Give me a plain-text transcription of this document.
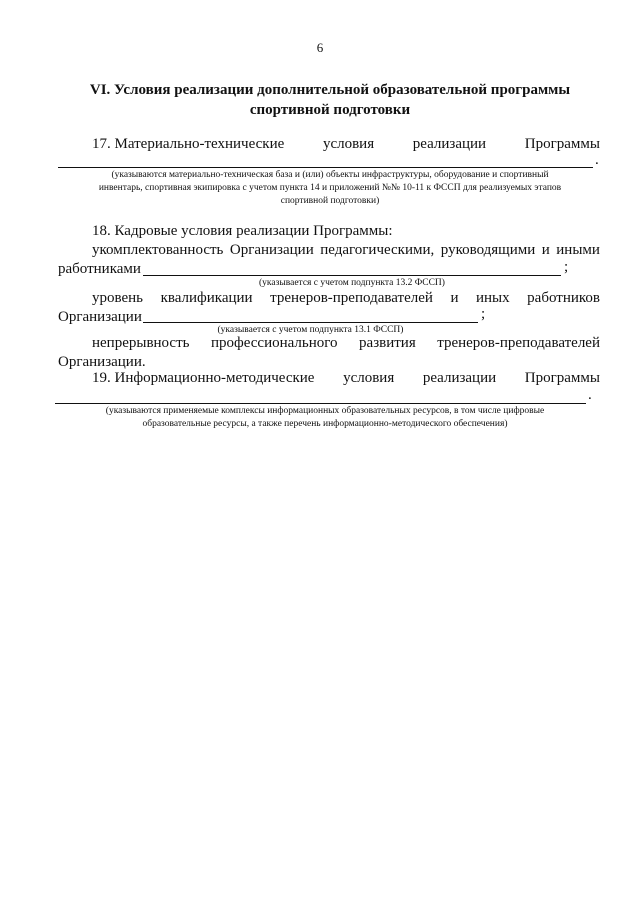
6
VI. Условия реализации дополнительной образовательной программы
спортивной подготовки
17. Материально-технические	условия	реализации	Программы
.
(указываются материально-техническая база и (или) объекты инфраструктуры, оборудование и спортивный
инвентарь, спортивная экипировка с учетом пункта 14 и приложений №№ 10-11 к ФССП для реализуемых этапов
спортивной подготовки)
18. Кадровые условия реализации Программы:
укомплектованность Организации педагогическими, руководящими и иными
работниками	;
(указывается с учетом подпункта 13.2 ФССП)
уровень квалификации тренеров-преподавателей и иных работников
Организации	;
(указывается с учетом подпункта 13.1 ФССП)
непрерывность профессионального развития тренеров-преподавателей
Организации.
19. Информационно-методические условия реализации Программы
.
(указываются применяемые комплексы информационных образовательных ресурсов, в том числе цифровые
образовательные ресурсы, а также перечень информационно-методического обеспечения)
